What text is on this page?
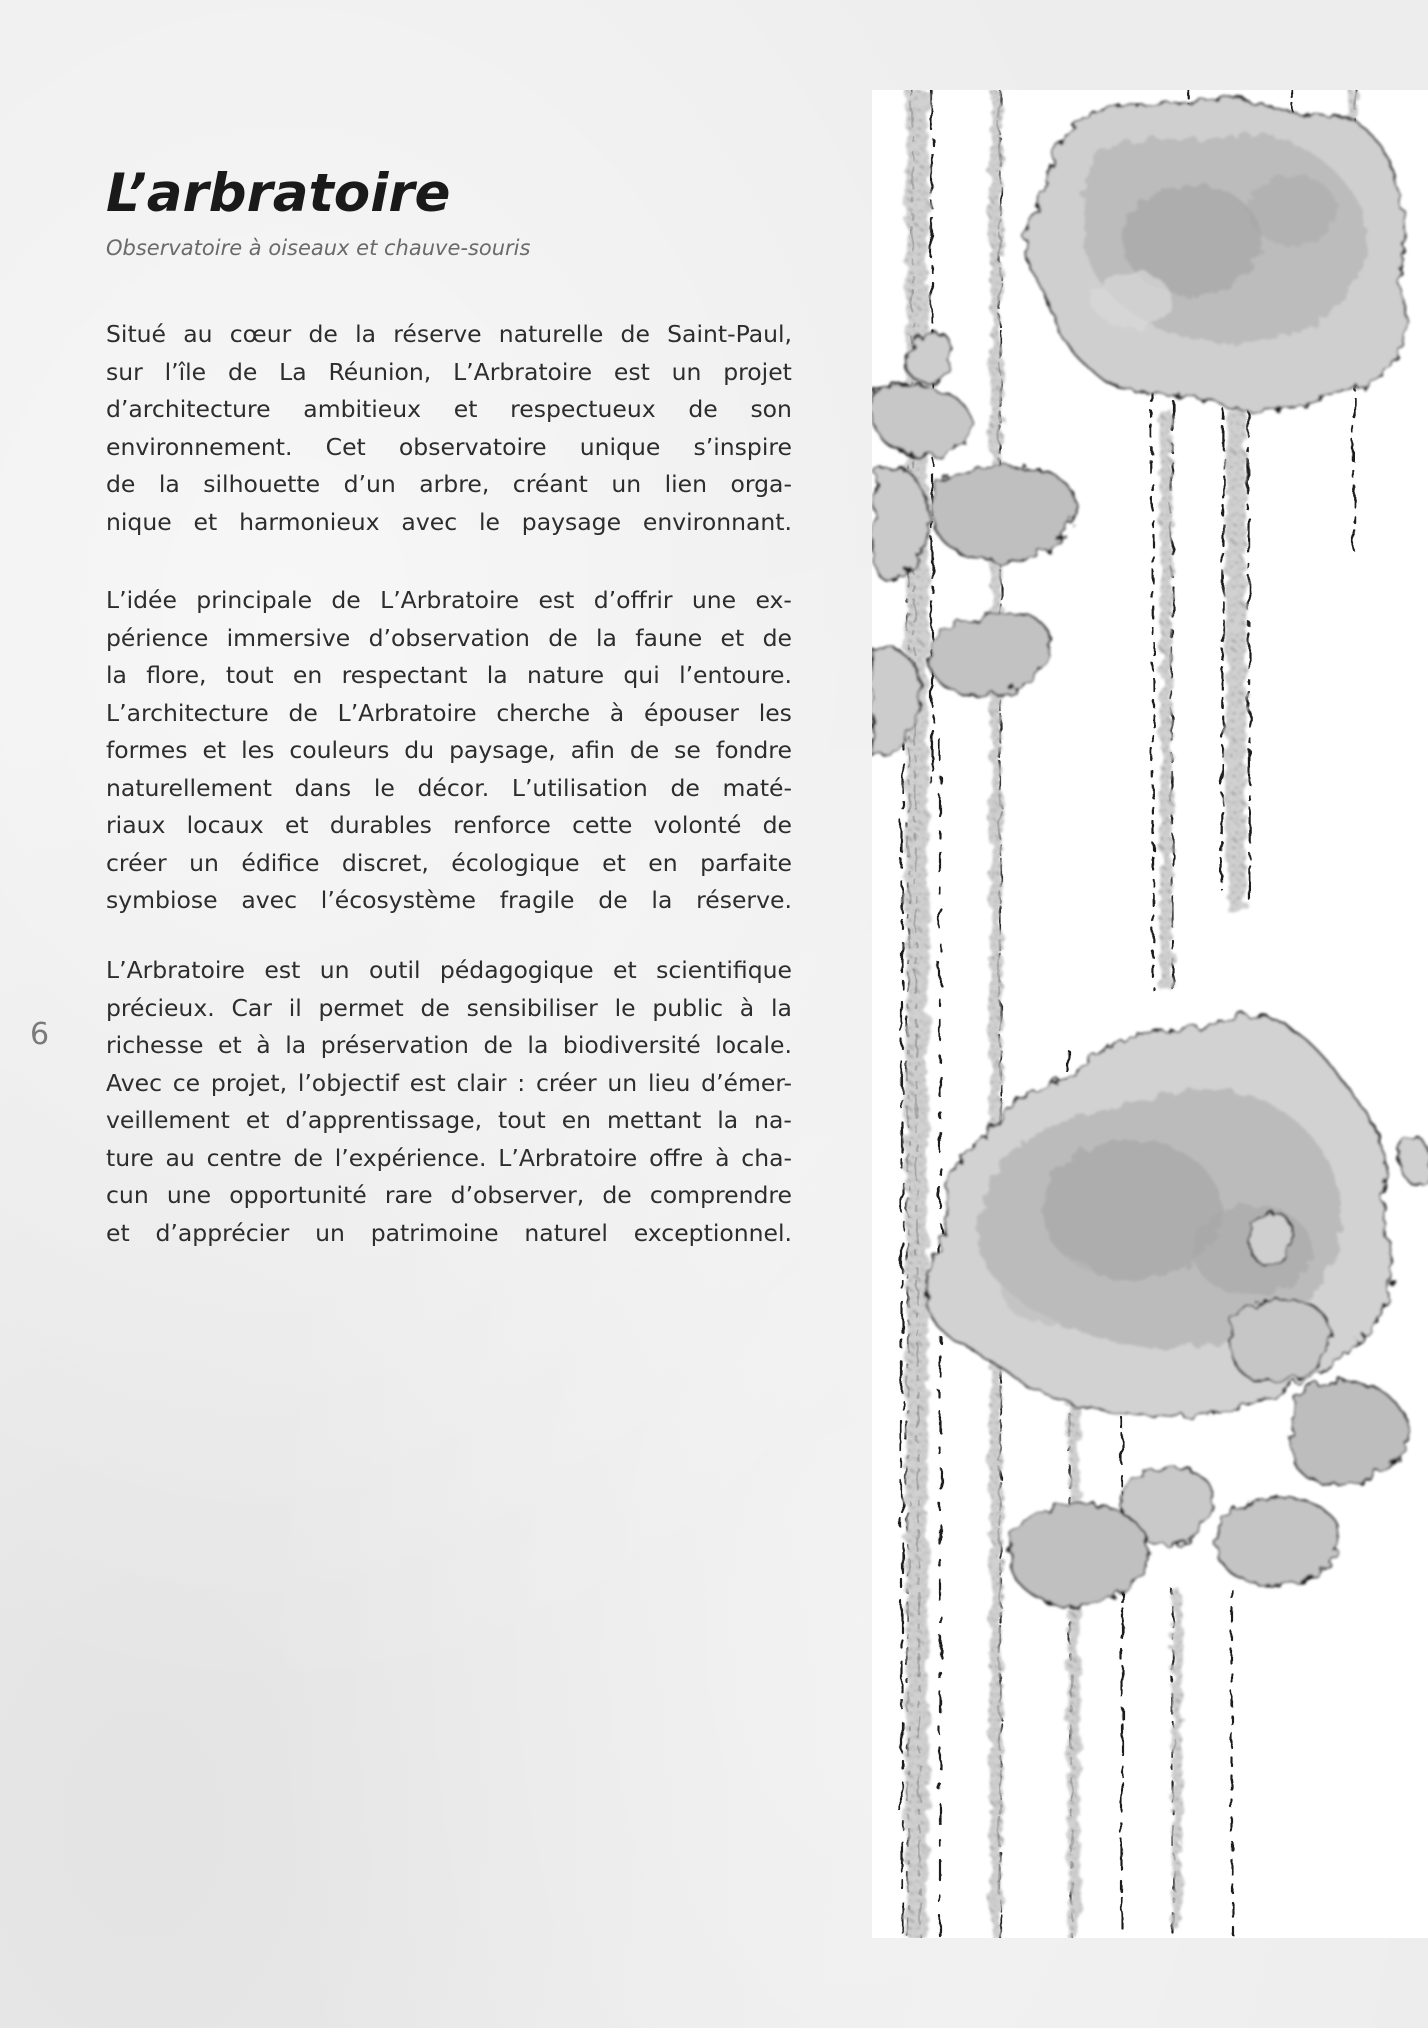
L’arbratoire

Observatoire à oiseaux et chauve-souris

Situé au cœur de la réserve naturelle de Saint-Paul,
sur l’île de La Réunion, L’Arbratoire est un projet
d’architecture ambitieux et respectueux de son
environnement. Cet observatoire unique s’inspire
de la silhouette d’un arbre, créant un lien orga-
nique et harmonieux avec le paysage environnant.
L’idée principale de L’Arbratoire est d’offrir une ex-
périence immersive d’observation de la faune et de
la flore, tout en respectant la nature qui l’entoure.
L’architecture de L’Arbratoire cherche à épouser les
formes et les couleurs du paysage, afin de se fondre
naturellement dans le décor. L’utilisation de maté-
riaux locaux et durables renforce cette volonté de
créer un édifice discret, écologique et en parfaite
symbiose avec l’écosystème fragile de la réserve.
L’Arbratoire est un outil pédagogique et scientifique
précieux. Car il permet de sensibiliser le public à la
richesse et à la préservation de la biodiversité locale.
Avec ce projet, l’objectif est clair : créer un lieu d’émer-
veillement et d’apprentissage, tout en mettant la na-
ture au centre de l’expérience. L’Arbratoire offre à cha-
cun une opportunité rare d’observer, de comprendre
et d’apprécier un patrimoine naturel exceptionnel.
6
